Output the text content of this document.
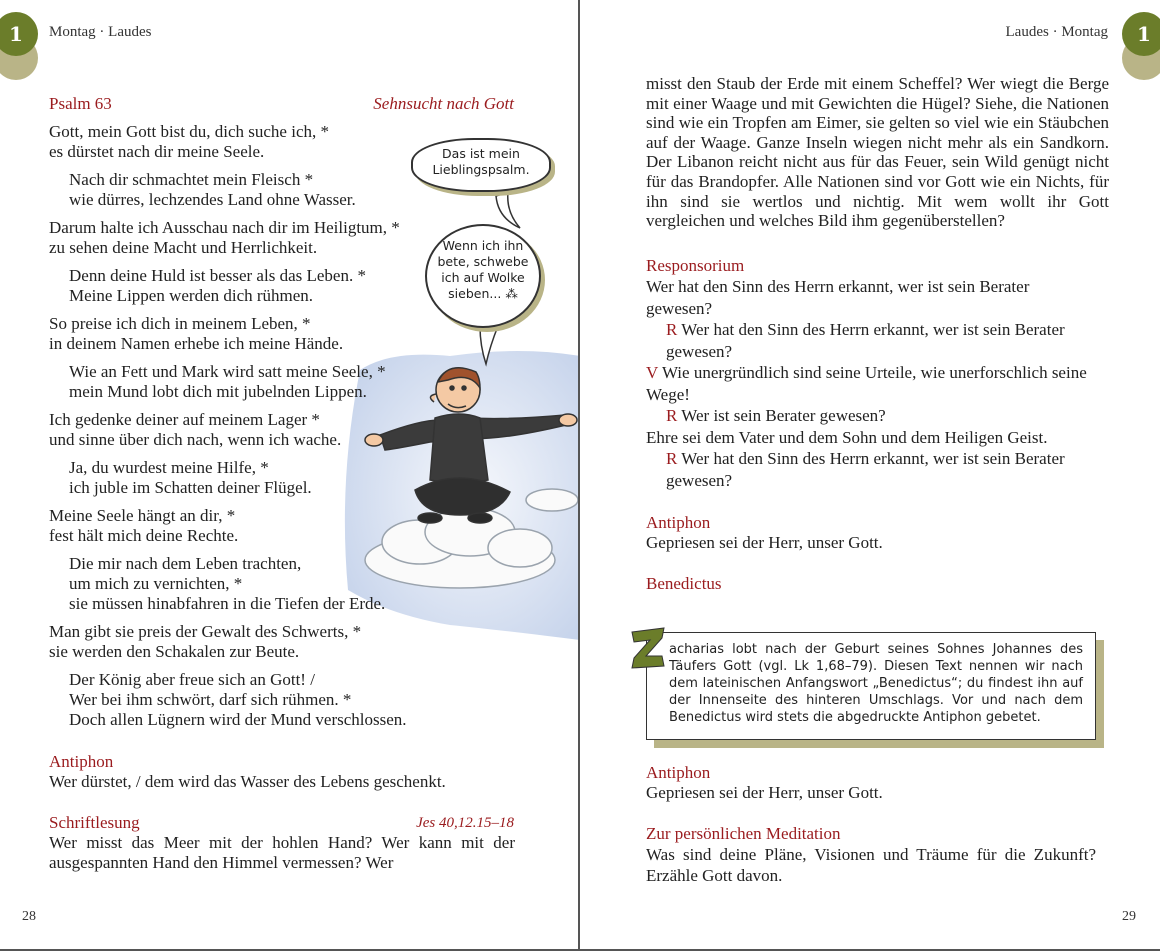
1	Montag · Laudes
Das ist mein Lieblingspsalm.
Wenn ich ihn bete, schwebe ich auf Wolke sieben... ⁂
Psalm 63	Sehnsucht nach Gott
Gott, mein Gott bist du, dich suche ich, *
es dürstet nach dir meine Seele.
Nach dir schmachtet mein Fleisch *
wie dürres, lechzendes Land ohne Wasser.
Darum halte ich Ausschau nach dir im Heiligtum, *
zu sehen deine Macht und Herrlichkeit.
Denn deine Huld ist besser als das Leben. *
Meine Lippen werden dich rühmen.
So preise ich dich in meinem Leben, *
in deinem Namen erhebe ich meine Hände.
Wie an Fett und Mark wird satt meine Seele, *
mein Mund lobt dich mit jubelnden Lippen.
Ich gedenke deiner auf meinem Lager *
und sinne über dich nach, wenn ich wache.
Ja, du wurdest meine Hilfe, *
ich juble im Schatten deiner Flügel.
Meine Seele hängt an dir, *
fest hält mich deine Rechte.
Die mir nach dem Leben trachten,
um mich zu vernichten, *
sie müssen hinabfahren in die Tiefen der Erde.
Man gibt sie preis der Gewalt des Schwerts, *
sie werden den Schakalen zur Beute.
Der König aber freue sich an Gott! /
Wer bei ihm schwört, darf sich rühmen. *
Doch allen Lügnern wird der Mund verschlossen.
Antiphon
Wer dürstet, / dem wird das Wasser des Lebens geschenkt.
Schriftlesung	Jes 40,12.15–18
Wer misst das Meer mit der hohlen Hand? Wer kann mit der ausgespannten Hand den Himmel vermessen? Wer
28
1
Laudes · Montag
misst den Staub der Erde mit einem Scheffel? Wer wiegt die Berge mit einer Waage und mit Gewichten die Hügel? Siehe, die Nationen sind wie ein Tropfen am Eimer, sie gelten so viel wie ein Stäubchen auf der Waage. Ganze Inseln wiegen nicht mehr als ein Sandkorn. Der Libanon reicht nicht aus für das Feuer, sein Wild genügt nicht für das Brandopfer. Alle Nationen sind vor Gott wie ein Nichts, für ihn sind sie wertlos und nichtig. Mit wem wollt ihr Gott vergleichen und welches Bild ihm gegenüberstellen?
Responsorium
Wer hat den Sinn des Herrn erkannt, wer ist sein Berater gewesen?
R Wer hat den Sinn des Herrn erkannt, wer ist sein Berater gewesen?
V Wie unergründlich sind seine Urteile, wie unerforschlich seine Wege!
R Wer ist sein Berater gewesen?
Ehre sei dem Vater und dem Sohn und dem Heiligen Geist.
R Wer hat den Sinn des Herrn erkannt, wer ist sein Berater gewesen?
Antiphon
Gepriesen sei der Herr, unser Gott.
Benedictus
acharias lobt nach der Geburt seines Sohnes Johannes des Täufers Gott (vgl. Lk 1,68–79). Diesen Text nennen wir nach dem lateinischen Anfangswort „Benedictus“; du findest ihn auf der Innenseite des hinteren Umschlags. Vor und nach dem Benedictus wird stets die abgedruckte Antiphon gebetet.
Antiphon
Gepriesen sei der Herr, unser Gott.
Zur persönlichen Meditation
Was sind deine Pläne, Visionen und Träume für die Zukunft? Erzähle Gott davon.
29
